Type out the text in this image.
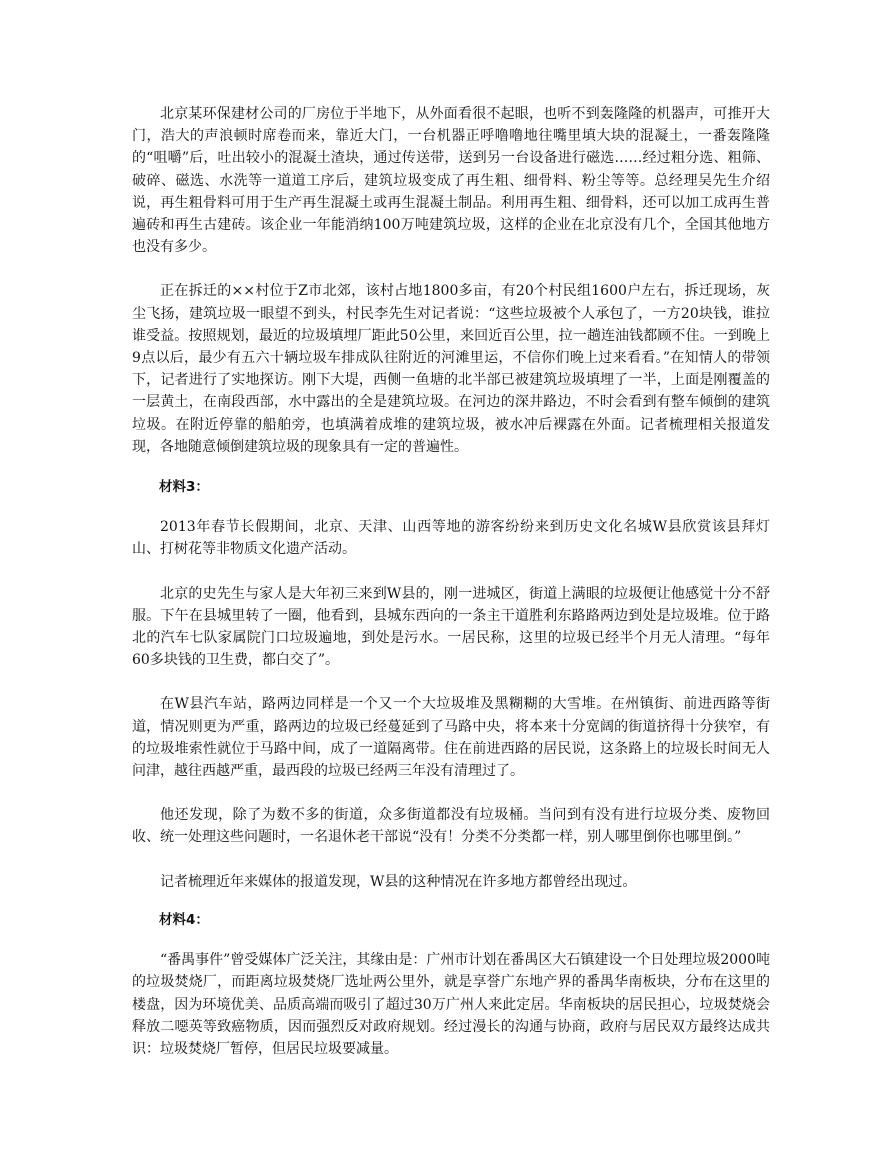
北京某环保建材公司的厂房位于半地下，从外面看很不起眼，也听不到轰隆隆的机器声，可推开大门，浩大的声浪顿时席卷而来，靠近大门，一台机器正呼噜噜地往嘴里填大块的混凝土，一番轰隆隆的“咀嚼”后，吐出较小的混凝土渣块，通过传送带，送到另一台设备进行磁选……经过粗分选、粗筛、破碎、磁选、水洗等一道道工序后，建筑垃圾变成了再生粗、细骨料、粉尘等等。总经理吴先生介绍说，再生粗骨料可用于生产再生混凝土或再生混凝土制品。利用再生粗、细骨料，还可以加工成再生普遍砖和再生古建砖。该企业一年能消纳100万吨建筑垃圾，这样的企业在北京没有几个，全国其他地方也没有多少。

正在拆迁的××村位于Z市北郊，该村占地1800多亩，有20个村民组1600户左右，拆迁现场，灰尘飞扬，建筑垃圾一眼望不到头，村民李先生对记者说：“这些垃圾被个人承包了，一方20块钱，谁拉谁受益。按照规划，最近的垃圾填埋厂距此50公里，来回近百公里，拉一趟连油钱都顾不住。一到晚上9点以后，最少有五六十辆垃圾车排成队往附近的河滩里运，不信你们晚上过来看看。”在知情人的带领下，记者进行了实地探访。刚下大堤，西侧一鱼塘的北半部已被建筑垃圾填埋了一半，上面是刚覆盖的一层黄土，在南段西部，水中露出的全是建筑垃圾。在河边的深井路边，不时会看到有整车倾倒的建筑垃圾。在附近停靠的船舶旁，也填满着成堆的建筑垃圾，被水冲后裸露在外面。记者梳理相关报道发现，各地随意倾倒建筑垃圾的现象具有一定的普遍性。

材料3：

2013年春节长假期间，北京、天津、山西等地的游客纷纷来到历史文化名城W县欣赏该县拜灯山、打树花等非物质文化遗产活动。

北京的史先生与家人是大年初三来到W县的，刚一进城区，街道上满眼的垃圾便让他感觉十分不舒服。下午在县城里转了一圈，他看到，县城东西向的一条主干道胜利东路路两边到处是垃圾堆。位于路北的汽车七队家属院门口垃圾遍地，到处是污水。一居民称，这里的垃圾已经半个月无人清理。“每年60多块钱的卫生费，都白交了”。

在W县汽车站，路两边同样是一个又一个大垃圾堆及黑糊糊的大雪堆。在州镇街、前进西路等街道，情况则更为严重，路两边的垃圾已经蔓延到了马路中央，将本来十分宽阔的街道挤得十分狭窄，有的垃圾堆索性就位于马路中间，成了一道隔离带。住在前进西路的居民说，这条路上的垃圾长时间无人问津，越往西越严重，最西段的垃圾已经两三年没有清理过了。

他还发现，除了为数不多的街道，众多街道都没有垃圾桶。当问到有没有进行垃圾分类、废物回收、统一处理这些问题时，一名退休老干部说“没有！分类不分类都一样，别人哪里倒你也哪里倒。”

记者梳理近年来媒体的报道发现，W县的这种情况在许多地方都曾经出现过。

材料4：

“番禺事件”曾受媒体广泛关注，其缘由是：广州市计划在番禺区大石镇建设一个日处理垃圾2000吨的垃圾焚烧厂，而距离垃圾焚烧厂选址两公里外，就是享誉广东地产界的番禺华南板块，分布在这里的楼盘，因为环境优美、品质高端而吸引了超过30万广州人来此定居。华南板块的居民担心，垃圾焚烧会释放二噁英等致癌物质，因而强烈反对政府规划。经过漫长的沟通与协商，政府与居民双方最终达成共识：垃圾焚烧厂暂停，但居民垃圾要减量。
